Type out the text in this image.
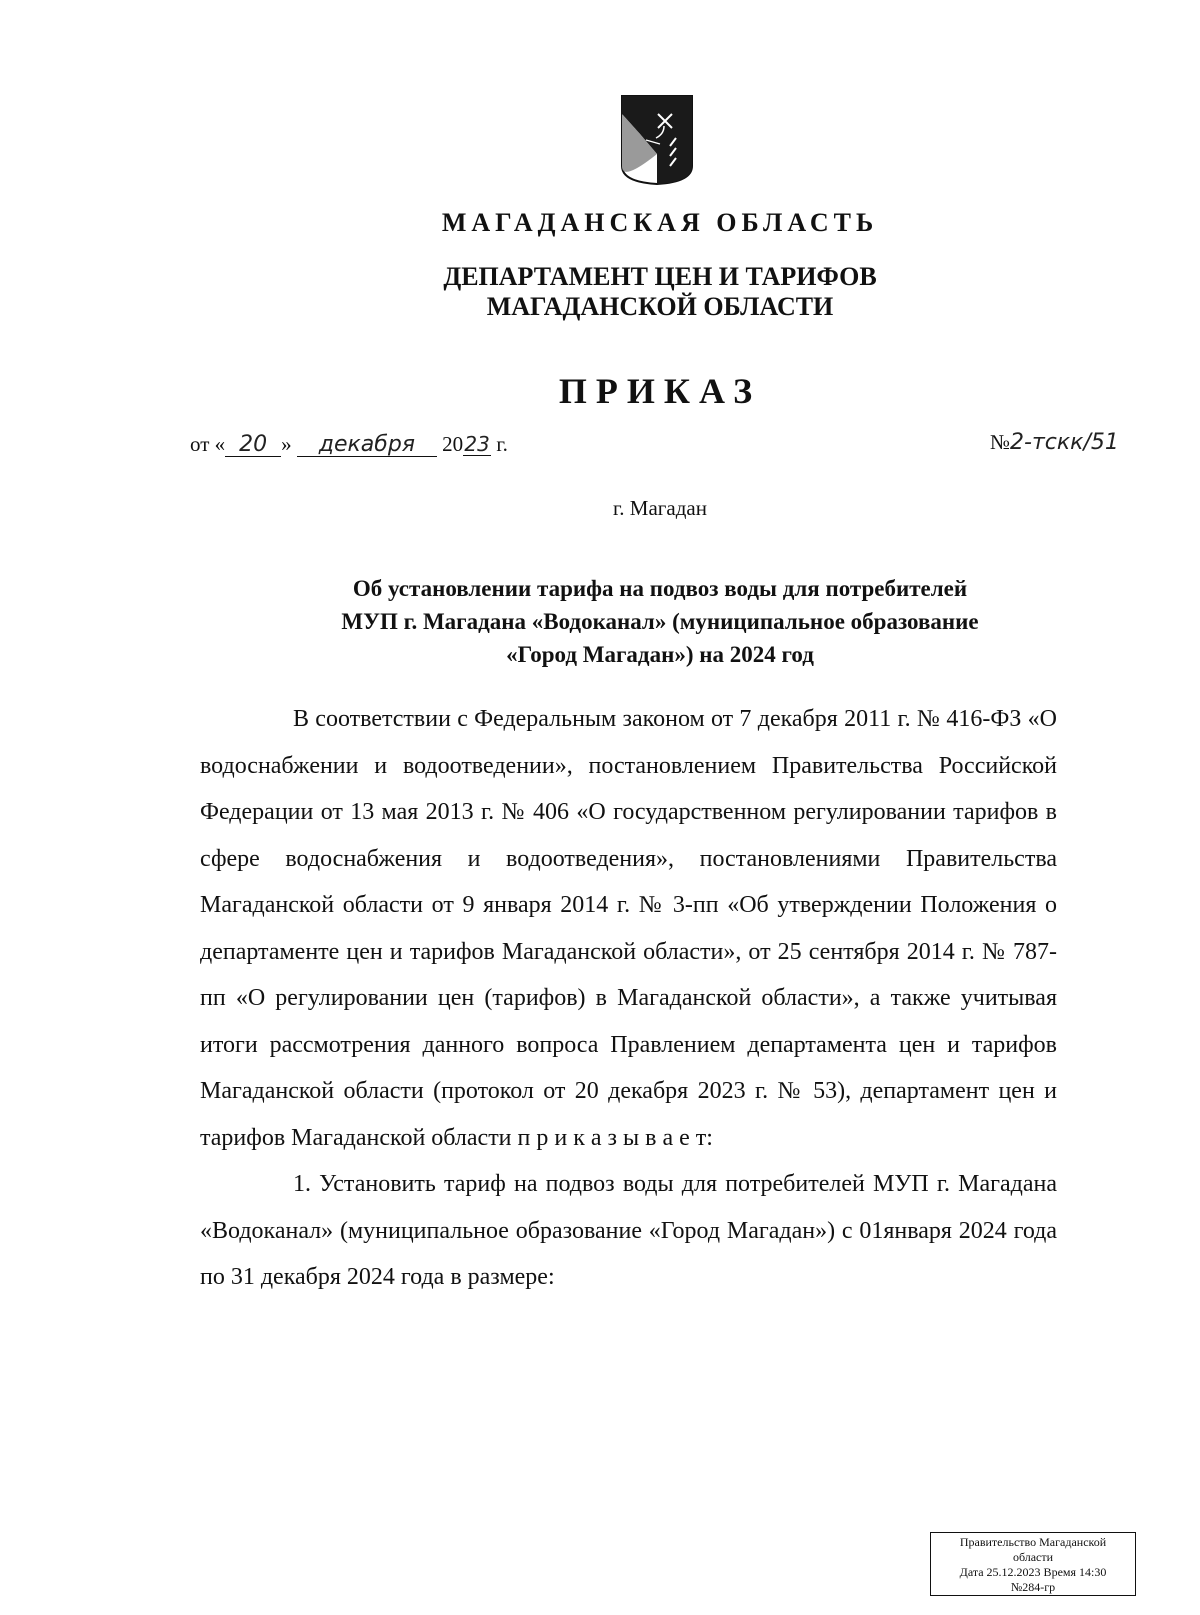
МАГАДАНСКАЯ ОБЛАСТЬ
ДЕПАРТАМЕНТ ЦЕН И ТАРИФОВ
МАГАДАНСКОЙ ОБЛАСТИ
ПРИКАЗ
от « 20 » декабря 2023 г.	№2-тскк/51
г. Магадан
Об установлении тарифа на подвоз воды для потребителей
МУП г. Магадана «Водоканал» (муниципальное образование
«Город Магадан») на 2024 год

В соответствии с Федеральным законом от 7 декабря 2011 г. № 416-ФЗ «О водоснабжении и водоотведении», постановлением Правительства Российской Федерации от 13 мая 2013 г. № 406 «О государственном регулировании тарифов в сфере водоснабжения и водоотведения», постановлениями Правительства Магаданской области от 9 января 2014 г. № 3-пп «Об утверждении Положения о департаменте цен и тарифов Магаданской области», от 25 сентября 2014 г. № 787-пп «О регулировании цен (тарифов) в Магаданской области», а также учитывая итоги рассмотрения данного вопроса Правлением департамента цен и тарифов Магаданской области (протокол от 20 декабря 2023 г. № 53), департамент цен и тарифов Магаданской области п р и к а з ы в а е т:

1. Установить тариф на подвоз воды для потребителей МУП г. Магадана «Водоканал» (муниципальное образование «Город Магадан») с 01января 2024 года по 31 декабря 2024 года в размере:

Правительство Магаданской
области
Дата 25.12.2023 Время 14:30
№284-гр
